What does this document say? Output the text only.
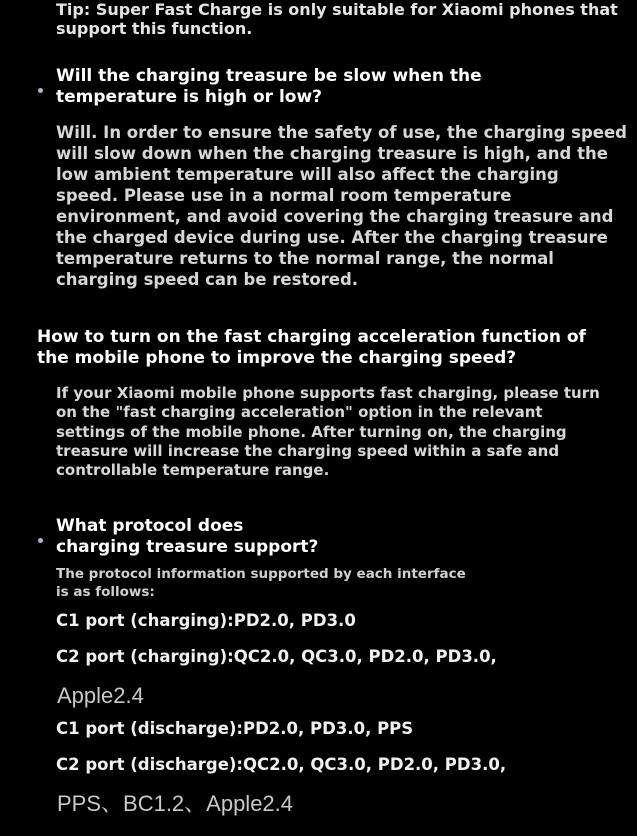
Tip: Super Fast Charge is only suitable for Xiaomi phones that
support this function.
Will the charging treasure be slow when the
temperature is high or low?
Will. In order to ensure the safety of use, the charging speed
will slow down when the charging treasure is high, and the
low ambient temperature will also affect the charging
speed. Please use in a normal room temperature
environment, and avoid covering the charging treasure and
the charged device during use. After the charging treasure
temperature returns to the normal range, the normal
charging speed can be restored.
How to turn on the fast charging acceleration function of
the mobile phone to improve the charging speed?
If your Xiaomi mobile phone supports fast charging, please turn
on the "fast charging acceleration" option in the relevant
settings of the mobile phone. After turning on, the charging
treasure will increase the charging speed within a safe and
controllable temperature range.
What protocol does
charging treasure support?
The protocol information supported by each interface
is as follows:
C1 port (charging):PD2.0, PD3.0
C2 port (charging):QC2.0, QC3.0, PD2.0, PD3.0,
Apple2.4
C1 port (discharge):PD2.0, PD3.0, PPS
C2 port (discharge):QC2.0, QC3.0, PD2.0, PD3.0,
PPS、BC1.2、Apple2.4
